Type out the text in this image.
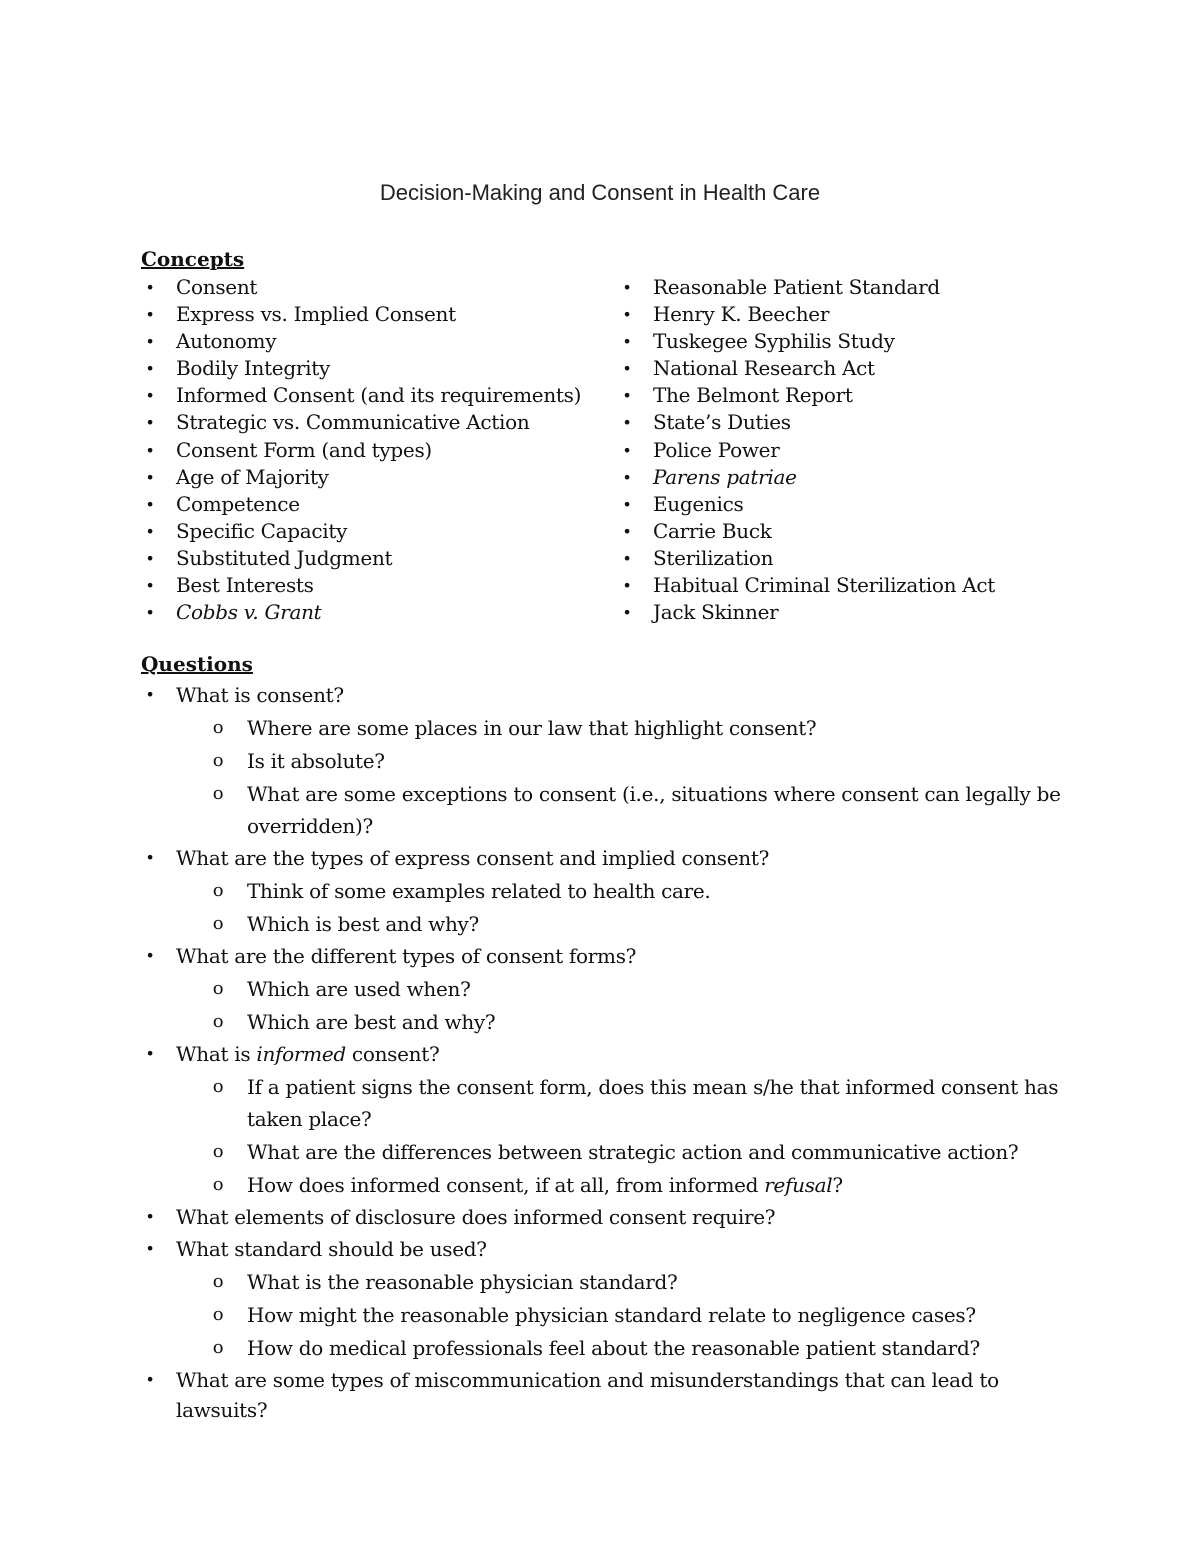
Decision-Making and Consent in Health Care
Concepts
• Consent
• Express vs. Implied Consent
• Autonomy
• Bodily Integrity
• Informed Consent (and its requirements)
• Strategic vs. Communicative Action
• Consent Form (and types)
• Age of Majority
• Competence
• Specific Capacity
• Substituted Judgment
• Best Interests
• Cobbs v. Grant
• Reasonable Patient Standard
• Henry K. Beecher
• Tuskegee Syphilis Study
• National Research Act
• The Belmont Report
• State’s Duties
• Police Power
• Parens patriae
• Eugenics
• Carrie Buck
• Sterilization
• Habitual Criminal Sterilization Act
• Jack Skinner
Questions
• What is consent?
o Where are some places in our law that highlight consent?
o Is it absolute?
o What are some exceptions to consent (i.e., situations where consent can legally be overridden)?
• What are the types of express consent and implied consent?
o Think of some examples related to health care.
o Which is best and why?
• What are the different types of consent forms?
o Which are used when?
o Which are best and why?
• What is informed consent?
o If a patient signs the consent form, does this mean s/he that informed consent has taken place?
o What are the differences between strategic action and communicative action?
o How does informed consent, if at all, from informed refusal?
• What elements of disclosure does informed consent require?
• What standard should be used?
o What is the reasonable physician standard?
o How might the reasonable physician standard relate to negligence cases?
o How do medical professionals feel about the reasonable patient standard?
• What are some types of miscommunication and misunderstandings that can lead to lawsuits?
